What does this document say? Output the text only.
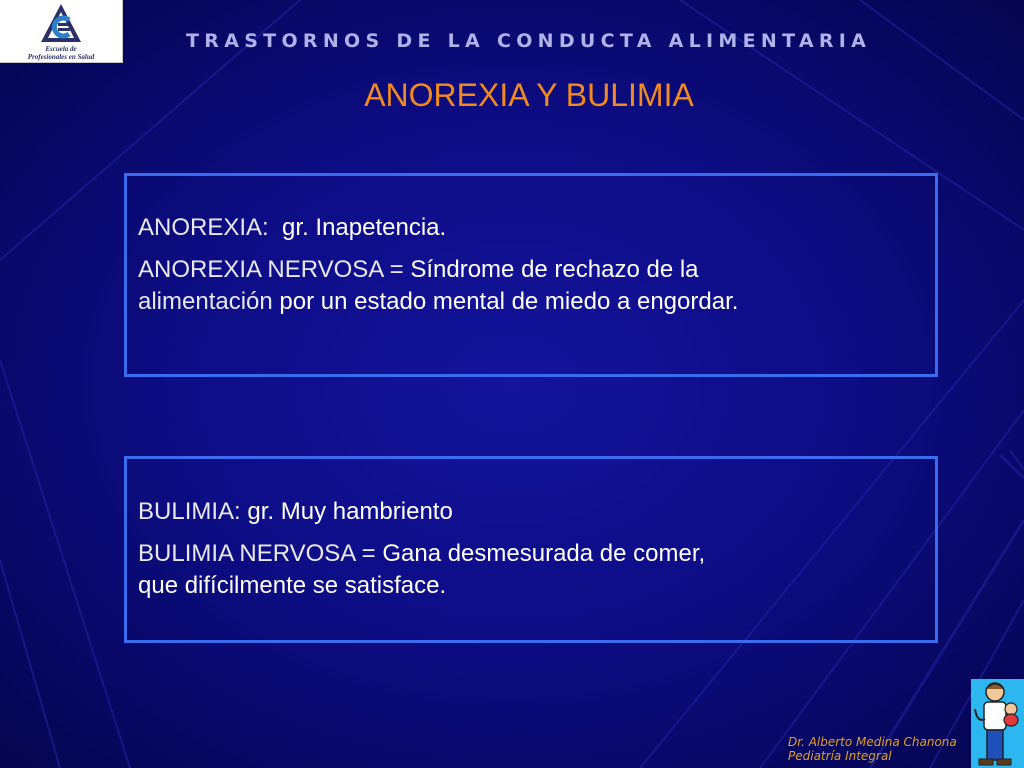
Escuela de
Profesionales en Salud
TRASTORNOS DE LA CONDUCTA ALIMENTARIA
ANOREXIA Y BULIMIA

ANOREXIA: gr. Inapetencia.

ANOREXIA NERVOSA = Síndrome de rechazo de la
alimentación por un estado mental de miedo a engordar.

BULIMIA: gr. Muy hambriento

BULIMIA NERVOSA = Gana desmesurada de comer,
que difícilmente se satisface.

Dr. Alberto Medina Chanona
Pediatría Integral
